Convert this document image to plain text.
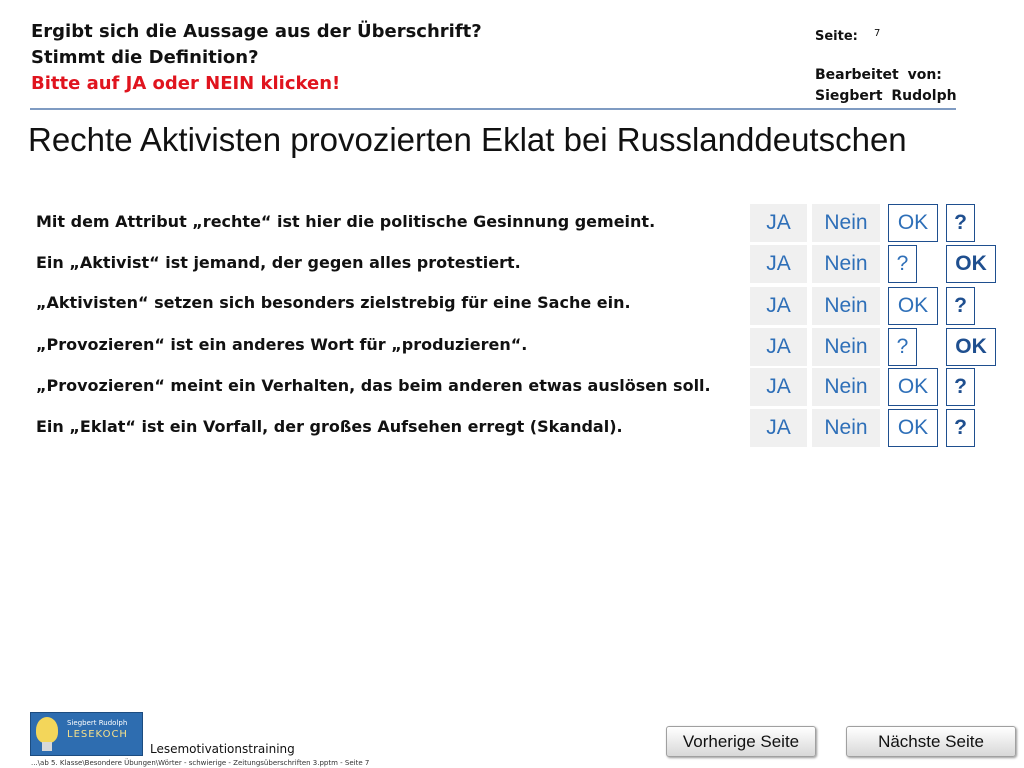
Ergibt sich die Aussage aus der Überschrift?
Stimmt die Definition?
Bitte auf JA oder NEIN klicken!
Seite: 7
Bearbeitet von:
Siegbert Rudolph
Rechte Aktivisten provozierten Eklat bei Russlanddeutschen
Mit dem Attribut „rechte“ ist hier die politische Gesinnung gemeint.	JA	Nein	OK	?
Ein „Aktivist“ ist jemand, der gegen alles protestiert.	JA	Nein	?	OK
„Aktivisten“ setzen sich besonders zielstrebig für eine Sache ein.	JA	Nein	OK	?
„Provozieren“ ist ein anderes Wort für „produzieren“.	JA	Nein	?	OK
„Provozieren“ meint ein Verhalten, das beim anderen etwas auslösen soll.	JA	Nein	OK	?
Ein „Eklat“ ist ein Vorfall, der großes Aufsehen erregt (Skandal).	JA	Nein	OK	?
Siegbert Rudolph
LESEKOCH
Lesemotivationstraining
...\ab 5. Klasse\Besondere Übungen\Wörter - schwierige - Zeitungsüberschriften 3.pptm - Seite 7
Vorherige Seite	Nächste Seite
